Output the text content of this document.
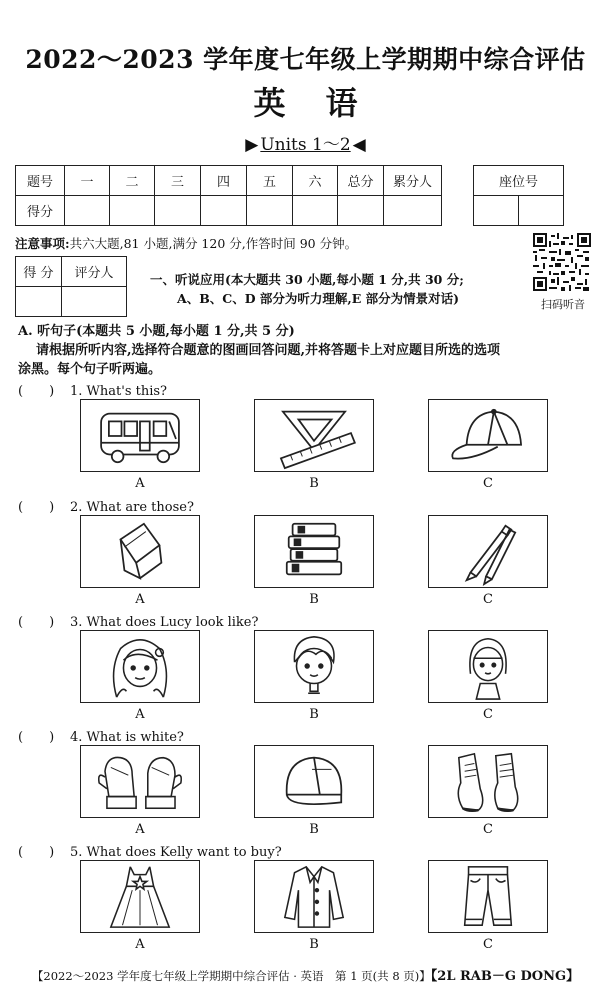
2022～2023 学年度七年级上学期期中综合评估
英语
▶ Units 1～2 ◀
题号	一	二	三	四	五	六	总分	累分人
得分								
座位号

注意事项:共六大题,81 小题,满分 120 分,作答时间 90 分钟。
扫码听音
得 分	评分人
		一、听说应用(本大题共 30 小题,每小题 1 分,共 30 分;
A、B、C、D 部分为听力理解,E 部分为情景对话)
A. 听句子(本题共 5 小题,每小题 1 分,共 5 分)
请根据所听内容,选择符合题意的图画回答问题,并将答题卡上对应题目所选的选项
涂黑。每个句子听两遍。
(　　) 1. What's this?
A	B	C
(　　) 2. What are those?
A	B	C
(　　) 3. What does Lucy look like?
A	B	C
(　　) 4. What is white?
A	B	C
(　　) 5. What does Kelly want to buy?
A	B	C
【2022～2023 学年度七年级上学期期中综合评估 · 英语　第 1 页(共 8 页)】【2L RAB－G DONG】
